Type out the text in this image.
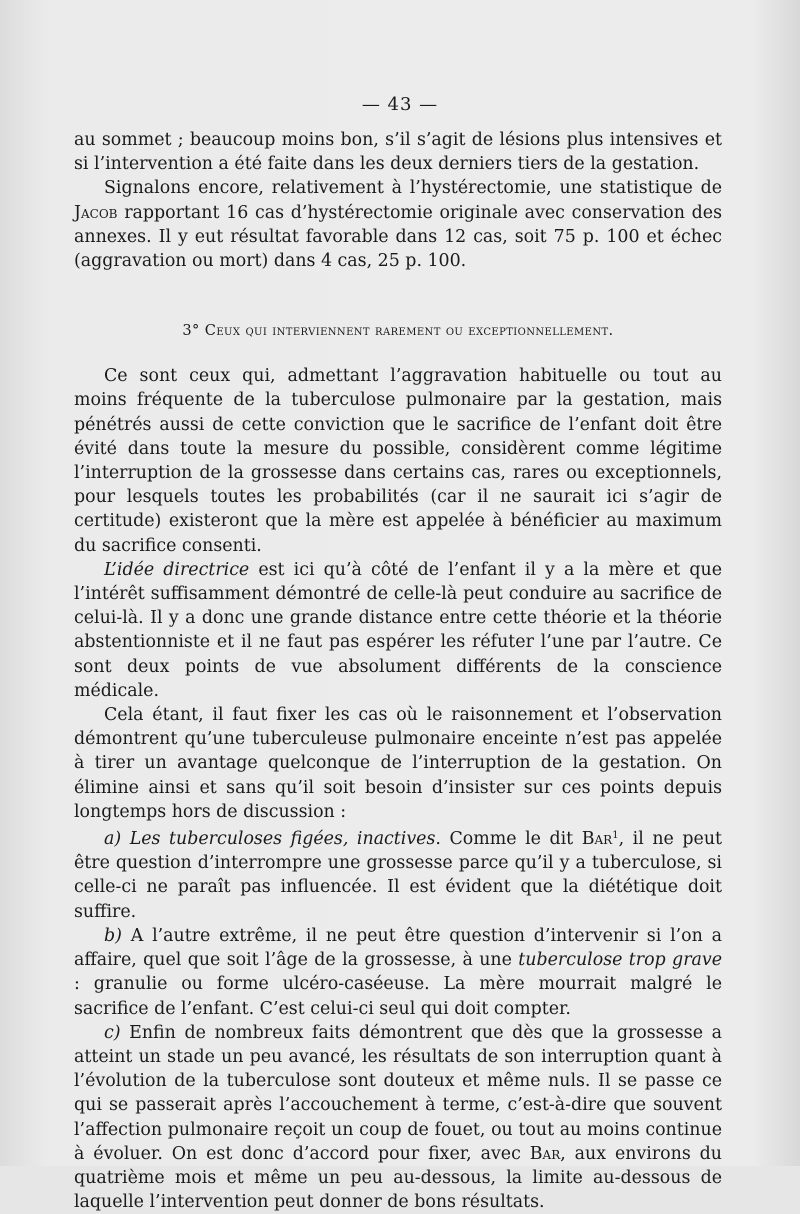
— 43 —

au sommet ; beaucoup moins bon, s’il s’agit de lésions plus intensives et si l’intervention a été faite dans les deux derniers tiers de la gestation.

Signalons encore, relativement à l’hystérectomie, une statistique de Jacob rapportant 16 cas d’hystérectomie originale avec conservation des annexes. Il y eut résultat favorable dans 12 cas, soit 75 p. 100 et échec (aggravation ou mort) dans 4 cas, 25 p. 100.

3° Ceux qui interviennent rarement ou exceptionnellement.

Ce sont ceux qui, admettant l’aggravation habituelle ou tout au moins fréquente de la tuberculose pulmonaire par la gestation, mais pénétrés aussi de cette conviction que le sacrifice de l’enfant doit être évité dans toute la mesure du possible, considèrent comme légitime l’interruption de la grossesse dans certains cas, rares ou exceptionnels, pour lesquels toutes les probabilités (car il ne saurait ici s’agir de certitude) existeront que la mère est appelée à bénéficier au maximum du sacrifice consenti.

L’idée directrice est ici qu’à côté de l’enfant il y a la mère et que l’intérêt suffisamment démontré de celle-là peut conduire au sacrifice de celui-là. Il y a donc une grande distance entre cette théorie et la théorie abstentionniste et il ne faut pas espérer les réfuter l’une par l’autre. Ce sont deux points de vue absolument différents de la conscience médicale.

Cela étant, il faut fixer les cas où le raisonnement et l’observation démontrent qu’une tuberculeuse pulmonaire enceinte n’est pas appelée à tirer un avantage quelconque de l’interruption de la gestation. On élimine ainsi et sans qu’il soit besoin d’insister sur ces points depuis longtemps hors de discussion :

a) Les tuberculoses figées, inactives. Comme le dit Bar$^1$, il ne peut être question d’interrompre une grossesse parce qu’il y a tuberculose, si celle-ci ne paraît pas influencée. Il est évident que la diététique doit suffire.

b) A l’autre extrême, il ne peut être question d’intervenir si l’on a affaire, quel que soit l’âge de la grossesse, à une tuberculose trop grave : granulie ou forme ulcéro-caséeuse. La mère mourrait malgré le sacrifice de l’enfant. C’est celui-ci seul qui doit compter.

c) Enfin de nombreux faits démontrent que dès que la grossesse a atteint un stade un peu avancé, les résultats de son interruption quant à l’évolution de la tuberculose sont douteux et même nuls. Il se passe ce qui se passerait après l’accouchement à terme, c’est-à-dire que souvent l’affection pulmonaire reçoit un coup de fouet, ou tout au moins continue à évoluer. On est donc d’accord pour fixer, avec Bar, aux environs du quatrième mois et même un peu au-dessous, la limite au-dessous de laquelle l’intervention peut donner de bons résultats.
